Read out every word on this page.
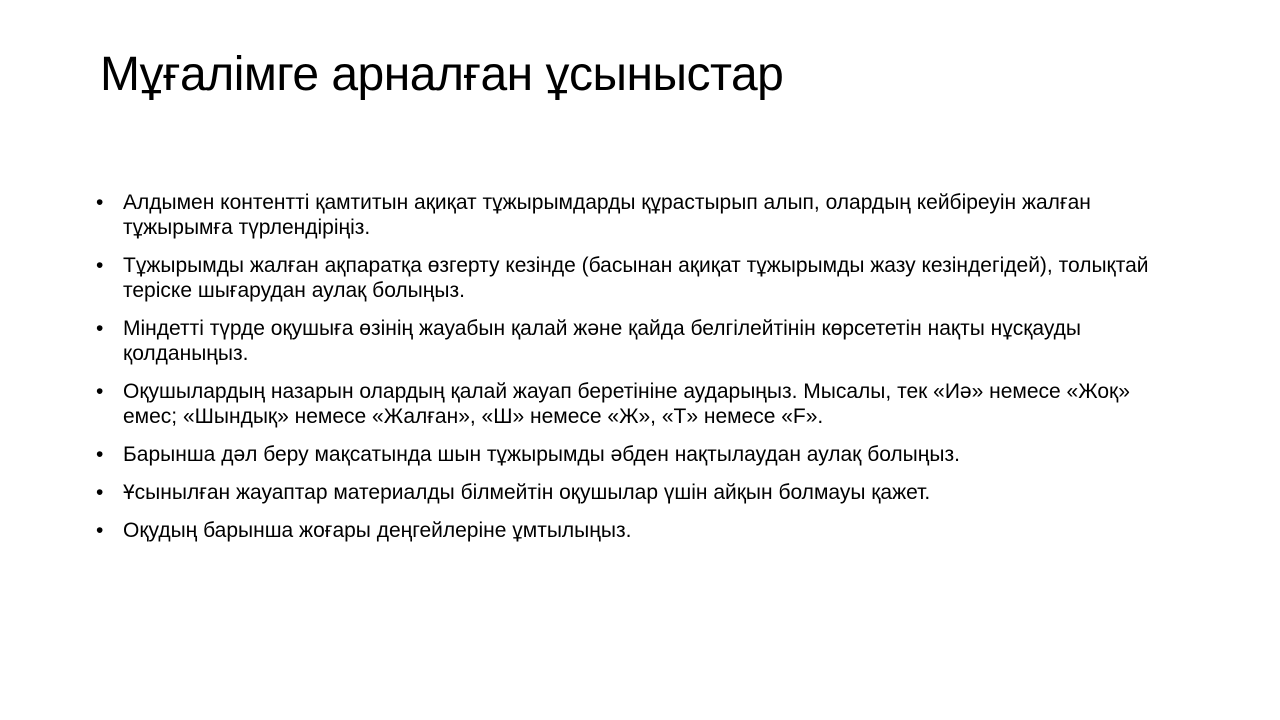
Мұғалімге арналған ұсыныстар
• Алдымен контентті қамтитын ақиқат тұжырымдарды құрастырып алып, олардың кейбіреуін жалған тұжырымға түрлендіріңіз.
• Тұжырымды жалған ақпаратқа өзгерту кезінде (басынан ақиқат тұжырымды жазу кезіндегідей), толықтай теріске шығарудан аулақ болыңыз.
• Міндетті түрде оқушыға өзінің жауабын қалай және қайда белгілейтінін көрсететін нақты нұсқауды қолданыңыз.
• Оқушылардың назарын олардың қалай жауап беретініне аударыңыз. Мысалы, тек «Иә» немесе «Жоқ» емес; «Шындық» немесе «Жалған», «Ш» немесе «Ж», «T» немесе «F».
• Барынша дәл беру мақсатында шын тұжырымды әбден нақтылаудан аулақ болыңыз.
• Ұсынылған жауаптар материалды білмейтін оқушылар үшін айқын болмауы қажет.
• Оқудың барынша жоғары деңгейлеріне ұмтылыңыз.
